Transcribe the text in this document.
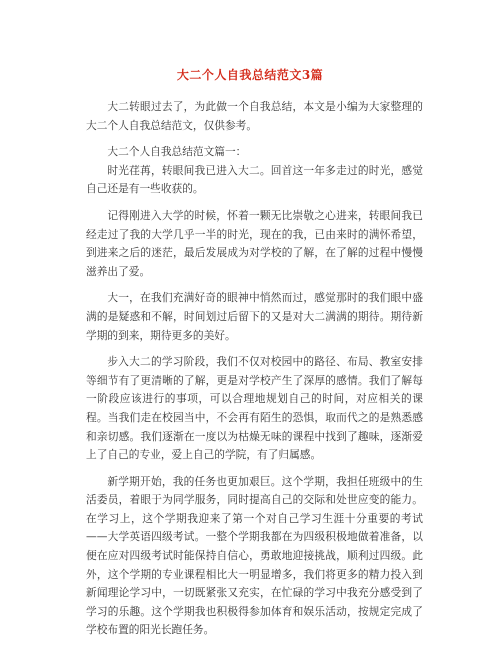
大二个人自我总结范文3篇

大二转眼过去了，为此做一个自我总结，本文是小编为大家整理的大二个人自我总结范文，仅供参考。

大二个人自我总结范文篇一：

时光荏苒，转眼间我已进入大二。回首这一年多走过的时光，感觉自己还是有一些收获的。

记得刚进入大学的时候，怀着一颗无比崇敬之心进来，转眼间我已经走过了我的大学几乎一半的时光，现在的我，已由来时的满怀希望，到进来之后的迷茫，最后发展成为对学校的了解，在了解的过程中慢慢滋养出了爱。

大一，在我们充满好奇的眼神中悄然而过，感觉那时的我们眼中盛满的是疑惑和不解，时间划过后留下的又是对大二满满的期待。期待新学期的到来，期待更多的美好。

步入大二的学习阶段，我们不仅对校园中的路径、布局、教室安排等细节有了更清晰的了解，更是对学校产生了深厚的感情。我们了解每一阶段应该进行的事项，可以合理地规划自己的时间，对应相关的课程。当我们走在校园当中，不会再有陌生的恐惧，取而代之的是熟悉感和亲切感。我们逐渐在一度以为枯燥无味的课程中找到了趣味，逐渐爱上了自己的专业，爱上自己的学院，有了归属感。

新学期开始，我的任务也更加艰巨。这个学期，我担任班级中的生活委员，着眼于为同学服务，同时提高自己的交际和处世应变的能力。在学习上，这个学期我迎来了第一个对自己学习生涯十分重要的考试——大学英语四级考试。一整个学期我都在为四级积极地做着准备，以便在应对四级考试时能保持自信心，勇敢地迎接挑战，顺利过四级。此外，这个学期的专业课程相比大一明显增多，我们将更多的精力投入到新闻理论学习中，一切既紧张又充实，在忙碌的学习中我充分感受到了学习的乐趣。这个学期我也积极得参加体育和娱乐活动，按规定完成了学校布置的阳光长跑任务。
